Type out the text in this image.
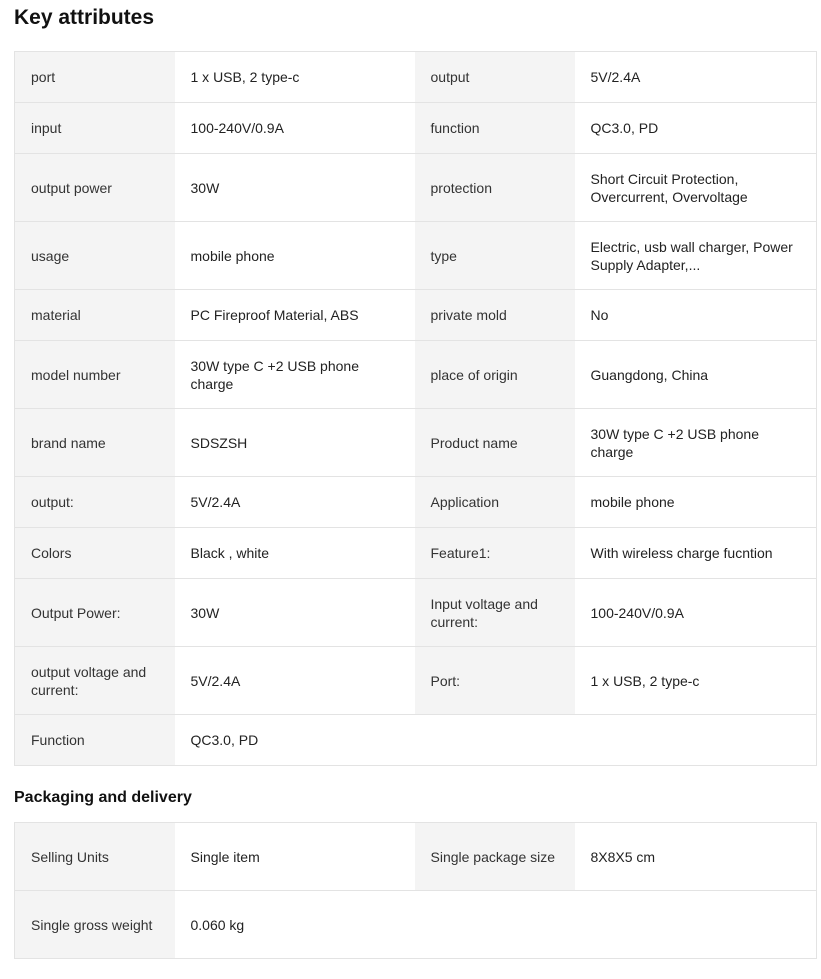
Key attributes
port	1 x USB, 2 type-c	output	5V/2.4A
input	100-240V/0.9A	function	QC3.0, PD
output power	30W	protection	Short Circuit Protection, Overcurrent, Overvoltage
usage	mobile phone	type	Electric, usb wall charger, Power Supply Adapter,...
material	PC Fireproof Material, ABS	private mold	No
model number	30W type C +2 USB phone charge	place of origin	Guangdong, China
brand name	SDSZSH	Product name	30W type C +2 USB phone charge
output:	5V/2.4A	Application	mobile phone
Colors	Black , white	Feature1:	With wireless charge fucntion
Output Power:	30W	Input voltage and current:	100-240V/0.9A
output voltage and current:	5V/2.4A	Port:	1 x USB, 2 type-c
Function	QC3.0, PD		
Packaging and delivery
Selling Units	Single item	Single package size	8X8X5 cm
Single gross weight	0.060 kg		
